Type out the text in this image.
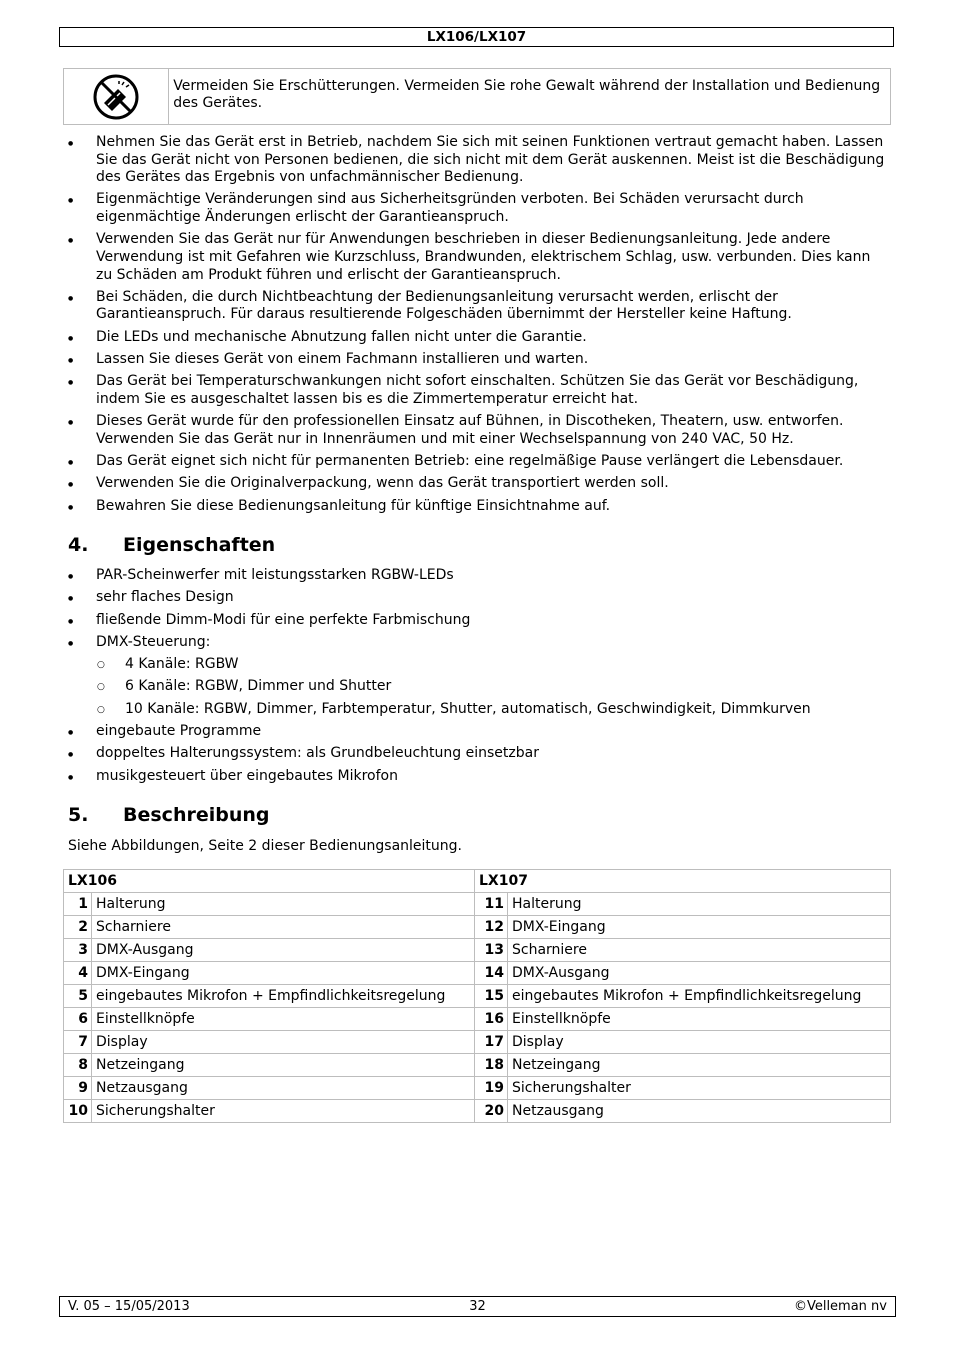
LX106/LX107
Vermeiden Sie Erschütterungen. Vermeiden Sie rohe Gewalt während der Installation und Bedienung des Gerätes.
● Nehmen Sie das Gerät erst in Betrieb, nachdem Sie sich mit seinen Funktionen vertraut gemacht haben. Lassen Sie das Gerät nicht von Personen bedienen, die sich nicht mit dem Gerät auskennen. Meist ist die Beschädigung des Gerätes das Ergebnis von unfachmännischer Bedienung.
● Eigenmächtige Veränderungen sind aus Sicherheitsgründen verboten. Bei Schäden verursacht durch eigenmächtige Änderungen erlischt der Garantieanspruch.
● Verwenden Sie das Gerät nur für Anwendungen beschrieben in dieser Bedienungsanleitung. Jede andere Verwendung ist mit Gefahren wie Kurzschluss, Brandwunden, elektrischem Schlag, usw. verbunden. Dies kann zu Schäden am Produkt führen und erlischt der Garantieanspruch.
● Bei Schäden, die durch Nichtbeachtung der Bedienungsanleitung verursacht werden, erlischt der Garantieanspruch. Für daraus resultierende Folgeschäden übernimmt der Hersteller keine Haftung.
● Die LEDs und mechanische Abnutzung fallen nicht unter die Garantie.
● Lassen Sie dieses Gerät von einem Fachmann installieren und warten.
● Das Gerät bei Temperaturschwankungen nicht sofort einschalten. Schützen Sie das Gerät vor Beschädigung, indem Sie es ausgeschaltet lassen bis es die Zimmertemperatur erreicht hat.
● Dieses Gerät wurde für den professionellen Einsatz auf Bühnen, in Discotheken, Theatern, usw. entworfen. Verwenden Sie das Gerät nur in Innenräumen und mit einer Wechselspannung von 240 VAC, 50 Hz.
● Das Gerät eignet sich nicht für permanenten Betrieb: eine regelmäßige Pause verlängert die Lebensdauer.
● Verwenden Sie die Originalverpackung, wenn das Gerät transportiert werden soll.
● Bewahren Sie diese Bedienungsanleitung für künftige Einsichtnahme auf.
4. Eigenschaften
● PAR-Scheinwerfer mit leistungsstarken RGBW-LEDs
● sehr flaches Design
● fließende Dimm-Modi für eine perfekte Farbmischung
● DMX-Steuerung:
○ 4 Kanäle: RGBW
○ 6 Kanäle: RGBW, Dimmer und Shutter
○ 10 Kanäle: RGBW, Dimmer, Farbtemperatur, Shutter, automatisch, Geschwindigkeit, Dimmkurven
● eingebaute Programme
● doppeltes Halterungssystem: als Grundbeleuchtung einsetzbar
● musikgesteuert über eingebautes Mikrofon
5. Beschreibung
Siehe Abbildungen, Seite 2 dieser Bedienungsanleitung.
LX106		LX107	
1	Halterung	11	Halterung
2	Scharniere	12	DMX-Eingang
3	DMX-Ausgang	13	Scharniere
4	DMX-Eingang	14	DMX-Ausgang
5	eingebautes Mikrofon + Empfindlichkeitsregelung	15	eingebautes Mikrofon + Empfindlichkeitsregelung
6	Einstellknöpfe	16	Einstellknöpfe
7	Display	17	Display
8	Netzeingang	18	Netzeingang
9	Netzausgang	19	Sicherungshalter
10	Sicherungshalter	20	Netzausgang
V. 05 – 15/05/2013	32	©Velleman nv
